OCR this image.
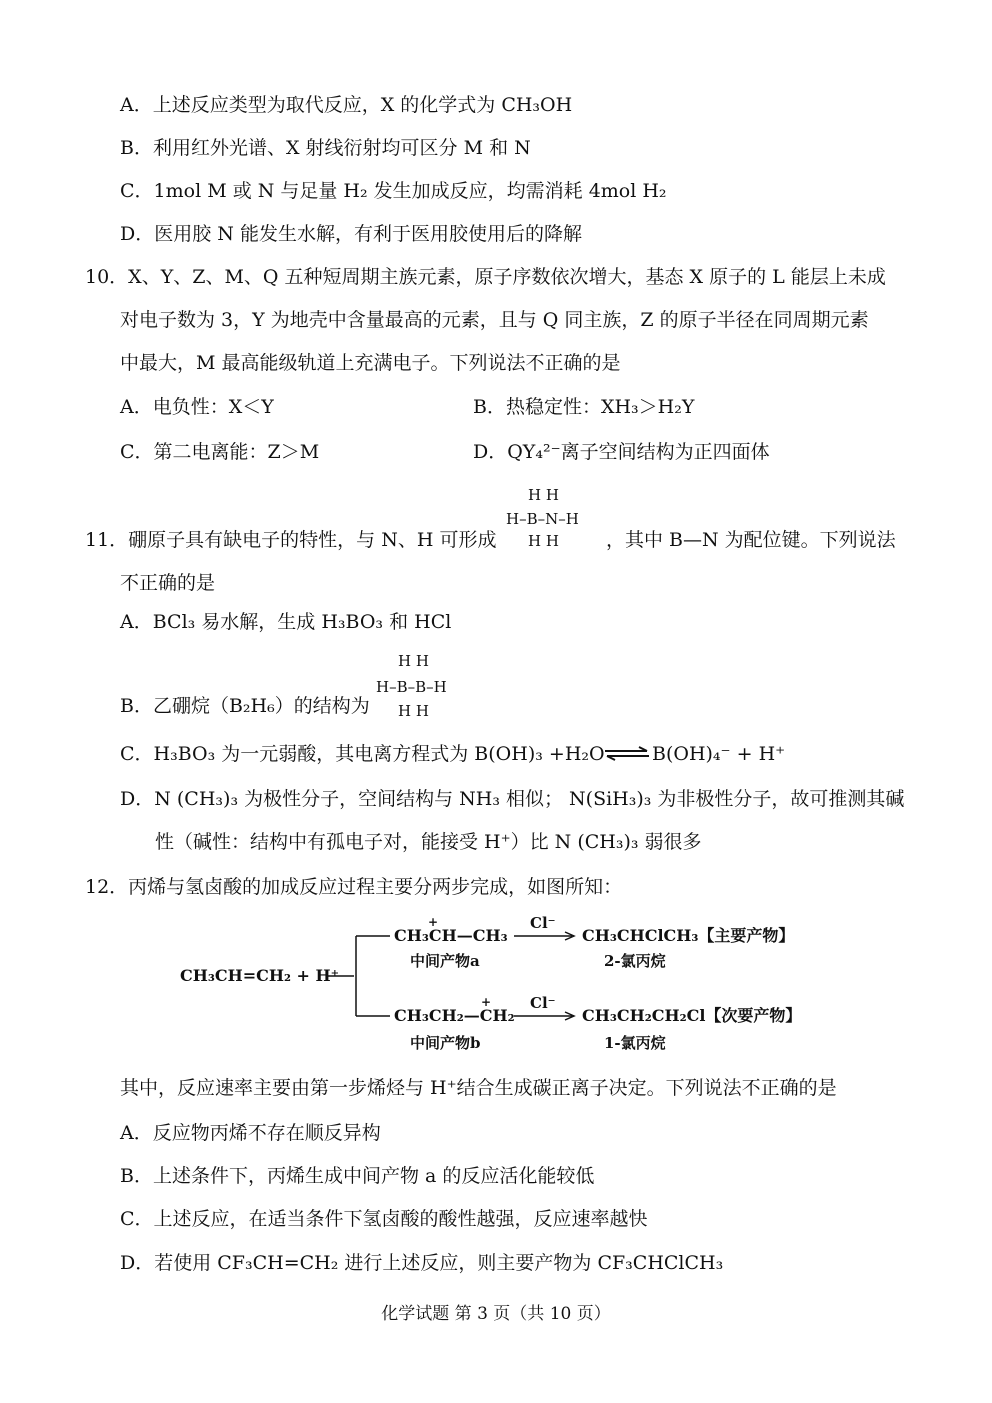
A．上述反应类型为取代反应，X 的化学式为 CH₃OH
B．利用红外光谱、X 射线衍射均可区分 M 和 N
C．1mol M 或 N 与足量 H₂ 发生加成反应，均需消耗 4mol H₂
D．医用胶 N 能发生水解，有利于医用胶使用后的降解
10．X、Y、Z、M、Q 五种短周期主族元素，原子序数依次增大，基态 X 原子的 L 能层上未成
对电子数为 3，Y 为地壳中含量最高的元素，且与 Q 同主族，Z 的原子半径在同周期元素
中最大，M 最高能级轨道上充满电子。下列说法不正确的是
A．电负性：X＜Y	B．热稳定性：XH₃＞H₂Y
C．第二电离能：Z＞M	D．QY₄²⁻离子空间结构为正四面体
11．硼原子具有缺电子的特性，与 N、H 可形成
H H
H–B–N–H
H H ，其中 B—N 为配位键。下列说法
不正确的是
A．BCl₃ 易水解，生成 H₃BO₃ 和 HCl
B．乙硼烷（B₂H₆）的结构为
H H
H–B–B–H
H H
C．H₃BO₃ 为一元弱酸，其电离方程式为 B(OH)₃ +H₂O ⇌ B(OH)₄⁻ + H⁺
D．N (CH₃)₃ 为极性分子，空间结构与 NH₃ 相似； N(SiH₃)₃ 为非极性分子，故可推测其碱
性（碱性：结构中有孤电子对，能接受 H⁺）比 N (CH₃)₃ 弱很多
12．丙烯与氢卤酸的加成反应过程主要分两步完成，如图所知：
CH₃CH=CH₂ + H⁺
CH₃CH—CH₃
+
中间产物a
Cl⁻
CH₃CHClCH₃【主要产物】
2-氯丙烷
CH₃CH₂—CH₂
+
中间产物b
Cl⁻
CH₃CH₂CH₂Cl【次要产物】
1-氯丙烷
其中，反应速率主要由第一步烯烃与 H⁺结合生成碳正离子决定。下列说法不正确的是
A．反应物丙烯不存在顺反异构
B．上述条件下，丙烯生成中间产物 a 的反应活化能较低
C．上述反应，在适当条件下氢卤酸的酸性越强，反应速率越快
D．若使用 CF₃CH=CH₂ 进行上述反应，则主要产物为 CF₃CHClCH₃
化学试题 第 3 页（共 10 页）
